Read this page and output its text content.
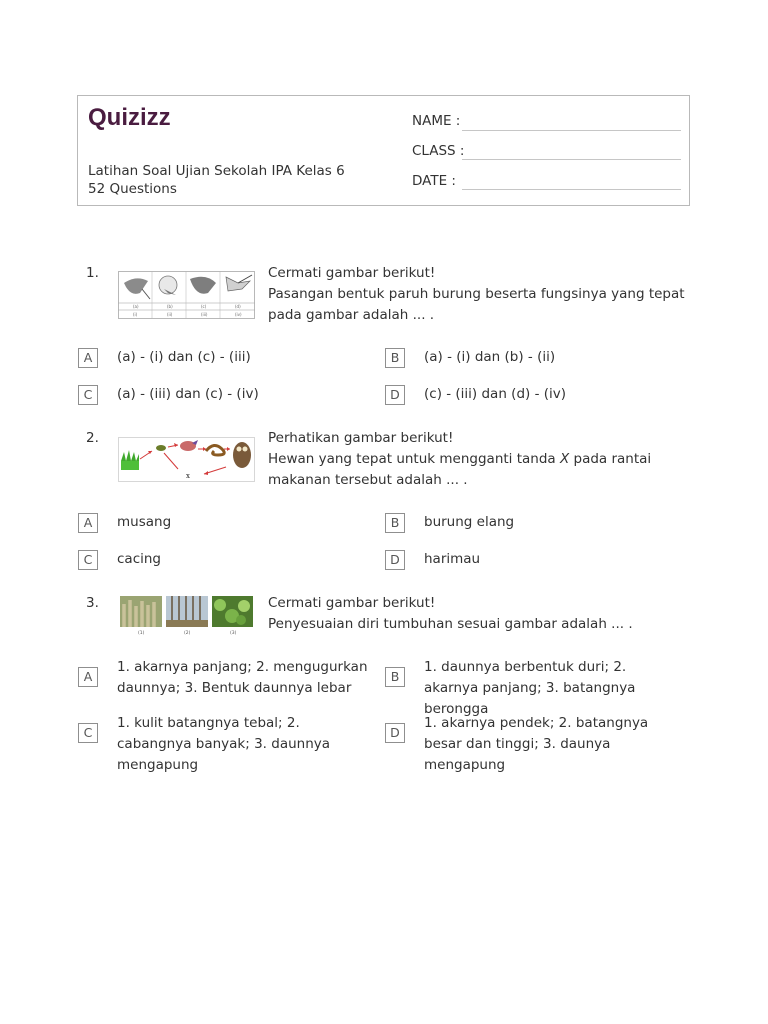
Quizizz
Latihan Soal Ujian Sekolah IPA Kelas 6
52 Questions
NAME :
CLASS :
DATE :
1.
(a)	(b)	(c)	(d)
(i)	(ii)	(iii)	(iv)
Cermati gambar berikut!
Pasangan bentuk paruh burung beserta fungsinya yang tepat pada gambar adalah ... .
A	(a) - (i) dan (c) - (iii)	B	(a) - (i) dan (b) - (ii)
C	(a) - (iii) dan (c) - (iv)	D	(c) - (iii) dan (d) - (iv)
2.
x
Perhatikan gambar berikut!
Hewan yang tepat untuk mengganti tanda X pada rantai makanan tersebut adalah ... .
A	musang	B	burung elang
C	cacing	D	harimau
3.
(1)	(2)	(3)
Cermati gambar berikut!
Penyesuaian diri tumbuhan sesuai gambar adalah ... .
A
1. akarnya panjang; 2. mengugurkan daunnya; 3. Bentuk daunnya lebar
B
1. daunnya berbentuk duri; 2. akarnya panjang; 3. batangnya berongga
C
1. kulit batangnya tebal; 2. cabangnya banyak; 3. daunnya mengapung
D
1. akarnya pendek; 2. batangnya besar dan tinggi; 3. daunya mengapung
